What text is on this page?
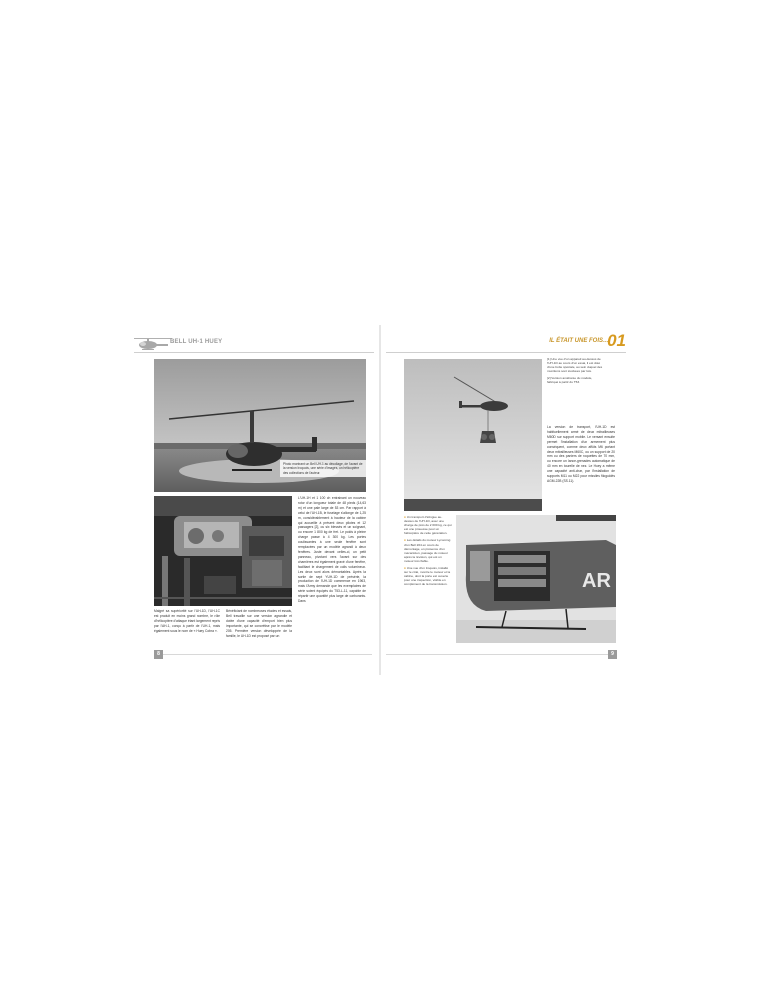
BELL UH-1 HUEY
Photo montrant un Bell UH-1 au décollage, de l'avant de la version Iroquois, une série d'images, un hélicoptère des collections de l'auteur.

Malgré sa supériorité sur l'UH-1D, l'UH-1C est produit en moins grand nombre, le rôle d'hélicoptère d'attaque étant largement repris par l'AH-1, conçu à partir de l'UH-1, mais également sous le nom de « Huey Cobra ».

Bénéficiant de nombreuses études et essais, Bell travaille sur une version agrandie et dotée d'une capacité d'emport bien plus importante, qui se concrétise par le modèle 205. Première version développée de la famille, le UH-1D est proposé par un

L'UH-1H et 1 100 ch entrainant un nouveau rotor d'un longueur totale de 48 pieds (14,63 m) et une pale large de 53 cm. Par rapport à celui de l'UH-1B, le fuselage s'allonge de 1,25 m, considérablement à hauteur de la cabine qui accueille à présent deux pilotes et 12 passagers [2], ou six blessés et un soignant, ou encore 1 800 kg de fret. Le poids à pleine charge passe à 4 300 kg. Les portes coulissantes à une seule fenêtre sont remplacées par un modèle agrandi à deux fenêtres. Juste devant celles-ci, un petit panneau, pivotant vers l'avant sur des charnières est également gravé d'une fenêtre, facilitant le chargement de colis volumineux. Les deux sont alors démontables. Après la sortie de sept YUH-1D de présérie, la production de l'UH-1D commence en 1963, mais l'Army demande que les exemplaires de série soient équipés du T53-L-11, capable de répartir une quantité plus large de carburants. Dans

8
IL ÉTAIT UNE FOIS…
01

[1] Une vue d'un appareil au-dessus de l'UH-1D au cours d'un essai, il est doté d'une boîte spéciale, au sein duquel des munitions sont stockées par lots.

[2] Version améliorée du modèle, fabriqué à partir du T53.

La version de transport, l'UH-1D est habituellement armé de deux mitrailleuses M60D sur support mobile. Le versant ensuite permet l'installation d'un armement plus conséquent, comme deux affûts M6 portant deux mitrailleuses M60C, ou un support de 20 mm ou des paniers de roquettes de 70 mm, ou encore un lance-grenades automatique de 40 mm en tourelle de nez. Le Huey a même une capacité anti-char, par l'installation de supports M11 ou M22 pour missiles filoguidés AGM-22B (SS.11).

AR

● Un transport d'élingue au-dessus de l'UH-1D, avec une charge de près de 2 000 kg, ce qui est une prouesse pour un hélicoptère de cette génération.

● Les détails du moteur Lycoming d'un Bell 204 en cours de démontage, en présence d'un mécanicien, passage du moteur après la révision, qui est un moteur très fiable.

● Une vue d'un Iroquois, installé sur le côté, montre le moteur et la cabine, dont la porte est ouverte pour une inspection, visible en complément de la transmission.

9
